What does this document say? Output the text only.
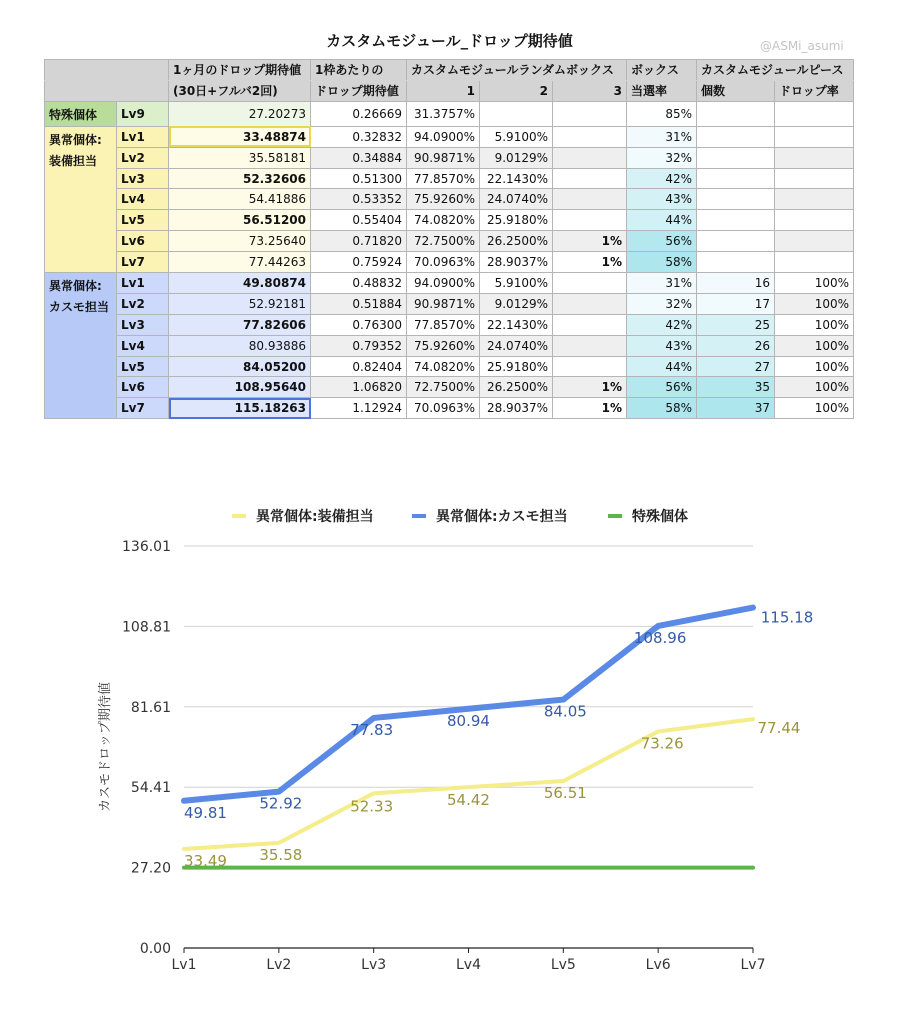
カスタムモジュール_ドロップ期待値	@ASMi_asumi
		1ヶ月のドロップ期待値	1枠あたりの	カスタムモジュールランダムボックス			ボックス	カスタムモジュールピース	
		(30日+フルバ2回)	ドロップ期待値	1	2	3	当選率	個数	ドロップ率
特殊個体	Lv9	27.20273	0.26669	31.3757%			85%		
異常個体:
装備担当	Lv1	33.48874	0.32832	94.0900%	5.9100%		31%		
	Lv2	35.58181	0.34884	90.9871%	9.0129%		32%		
	Lv3	52.32606	0.51300	77.8570%	22.1430%		42%		
	Lv4	54.41886	0.53352	75.9260%	24.0740%		43%		
	Lv5	56.51200	0.55404	74.0820%	25.9180%		44%		
	Lv6	73.25640	0.71820	72.7500%	26.2500%	1%	56%		
	Lv7	77.44263	0.75924	70.0963%	28.9037%	1%	58%		
異常個体:
カスモ担当	Lv1	49.80874	0.48832	94.0900%	5.9100%		31%	16	100%
	Lv2	52.92181	0.51884	90.9871%	9.0129%		32%	17	100%
	Lv3	77.82606	0.76300	77.8570%	22.1430%		42%	25	100%
	Lv4	80.93886	0.79352	75.9260%	24.0740%		43%	26	100%
	Lv5	84.05200	0.82404	74.0820%	25.9180%		44%	27	100%
	Lv6	108.95640	1.06820	72.7500%	26.2500%	1%	56%	35	100%
	Lv7	115.18263	1.12924	70.0963%	28.9037%	1%	58%	37	100%
0.00
27.20
54.41
81.61
108.81
136.01
Lv1	Lv2	Lv3	Lv4	Lv5	Lv6	Lv7
カスモドロップ期待値
33.49 35.58
52.33	54.42	56.51
73.26
77.44
49.81
52.92
77.83
80.94
84.05
108.96
115.18
異常個体:装備担当	異常個体:カスモ担当	特殊個体
